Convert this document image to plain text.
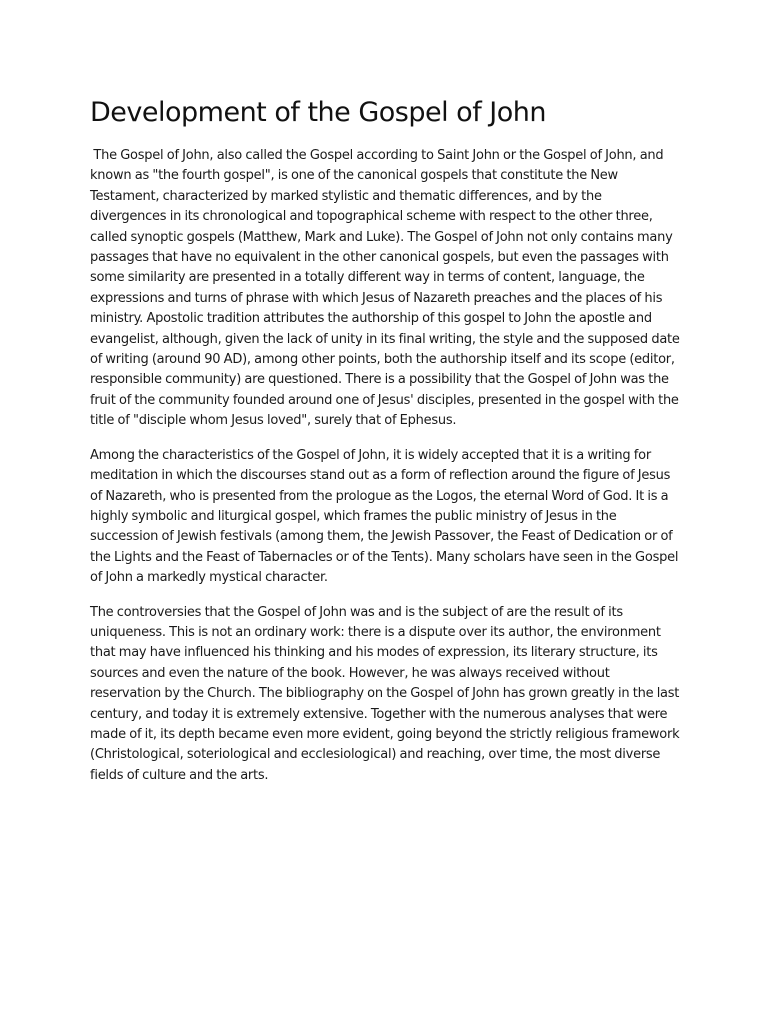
Development of the Gospel of John

The Gospel of John, also called the Gospel according to Saint John or the Gospel of John, and known as "the fourth gospel", is one of the canonical gospels that constitute the New Testament, characterized by marked stylistic and thematic differences, and by the divergences in its chronological and topographical scheme with respect to the other three, called synoptic gospels (Matthew, Mark and Luke). The Gospel of John not only contains many passages that have no equivalent in the other canonical gospels, but even the passages with some similarity are presented in a totally different way in terms of content, language, the expressions and turns of phrase with which Jesus of Nazareth preaches and the places of his ministry. Apostolic tradition attributes the authorship of this gospel to John the apostle and evangelist, although, given the lack of unity in its final writing, the style and the supposed date of writing (around 90 AD), among other points, both the authorship itself and its scope (editor, responsible community) are questioned. There is a possibility that the Gospel of John was the fruit of the community founded around one of Jesus' disciples, presented in the gospel with the title of "disciple whom Jesus loved", surely that of Ephesus.

Among the characteristics of the Gospel of John, it is widely accepted that it is a writing for meditation in which the discourses stand out as a form of reflection around the figure of Jesus of Nazareth, who is presented from the prologue as the Logos, the eternal Word of God. It is a highly symbolic and liturgical gospel, which frames the public ministry of Jesus in the succession of Jewish festivals (among them, the Jewish Passover, the Feast of Dedication or of the Lights and the Feast of Tabernacles or of the Tents). Many scholars have seen in the Gospel of John a markedly mystical character.

The controversies that the Gospel of John was and is the subject of are the result of its uniqueness. This is not an ordinary work: there is a dispute over its author, the environment that may have influenced his thinking and his modes of expression, its literary structure, its sources and even the nature of the book. However, he was always received without reservation by the Church. The bibliography on the Gospel of John has grown greatly in the last century, and today it is extremely extensive. Together with the numerous analyses that were made of it, its depth became even more evident, going beyond the strictly religious framework (Christological, soteriological and ecclesiological) and reaching, over time, the most diverse fields of culture and the arts.
